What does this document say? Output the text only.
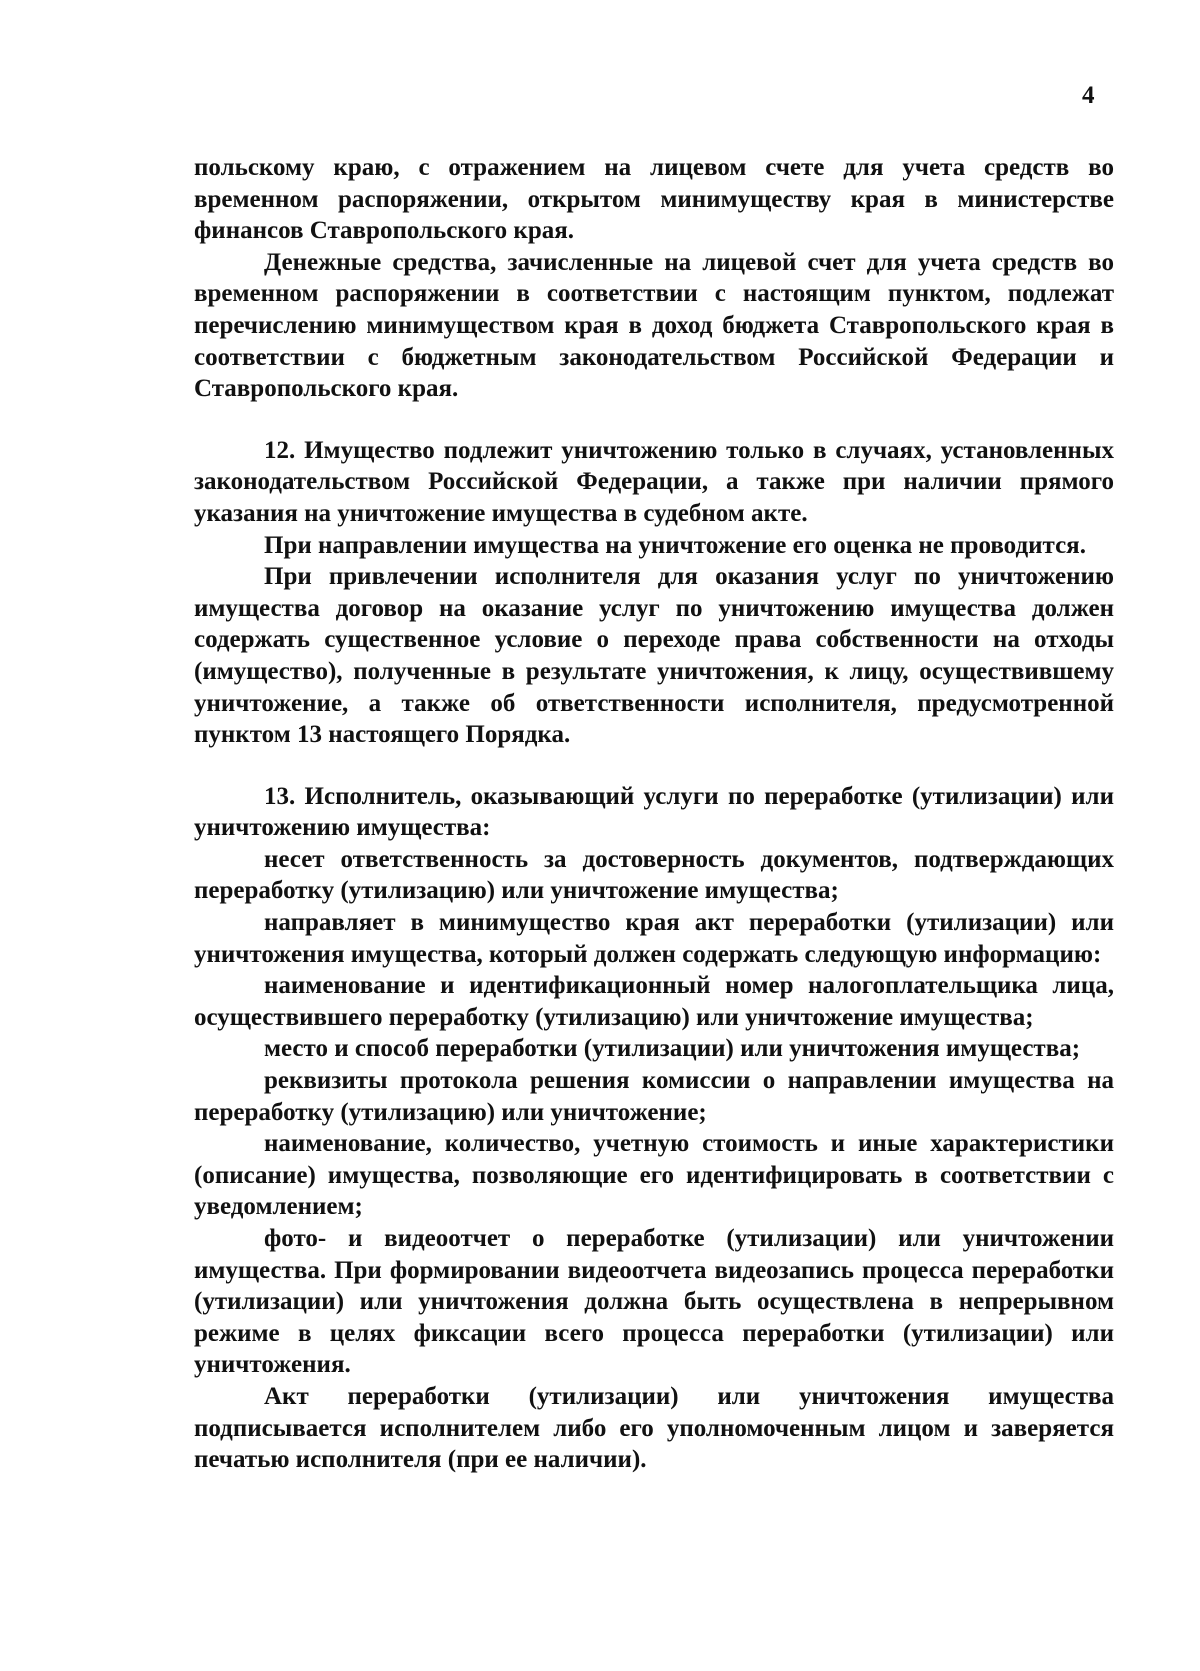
4

польскому краю, с отражением на лицевом счете для учета средств во временном распоряжении, открытом минимуществу края в министерстве финансов Ставропольского края.

Денежные средства, зачисленные на лицевой счет для учета средств во временном распоряжении в соответствии с настоящим пунктом, подлежат перечислению минимуществом края в доход бюджета Ставропольского края в соответствии с бюджетным законодательством Российской Федерации и Ставропольского края.

12. Имущество подлежит уничтожению только в случаях, установленных законодательством Российской Федерации, а также при наличии прямого указания на уничтожение имущества в судебном акте.

При направлении имущества на уничтожение его оценка не проводится.

При привлечении исполнителя для оказания услуг по уничтожению имущества договор на оказание услуг по уничтожению имущества должен содержать существенное условие о переходе права собственности на отходы (имущество), полученные в результате уничтожения, к лицу, осуществившему уничтожение, а также об ответственности исполнителя, предусмотренной пунктом 13 настоящего Порядка.

13. Исполнитель, оказывающий услуги по переработке (утилизации) или уничтожению имущества:

несет ответственность за достоверность документов, подтверждающих переработку (утилизацию) или уничтожение имущества;

направляет в минимущество края акт переработки (утилизации) или уничтожения имущества, который должен содержать следующую информацию:

наименование и идентификационный номер налогоплательщика лица, осуществившего переработку (утилизацию) или уничтожение имущества;

место и способ переработки (утилизации) или уничтожения имущества;

реквизиты протокола решения комиссии о направлении имущества на переработку (утилизацию) или уничтожение;

наименование, количество, учетную стоимость и иные характеристики (описание) имущества, позволяющие его идентифицировать в соответствии с уведомлением;

фото- и видеоотчет о переработке (утилизации) или уничтожении имущества. При формировании видеоотчета видеозапись процесса переработки (утилизации) или уничтожения должна быть осуществлена в непрерывном режиме в целях фиксации всего процесса переработки (утилизации) или уничтожения.

Акт переработки (утилизации) или уничтожения имущества подписывается исполнителем либо его уполномоченным лицом и заверяется печатью исполнителя (при ее наличии).
